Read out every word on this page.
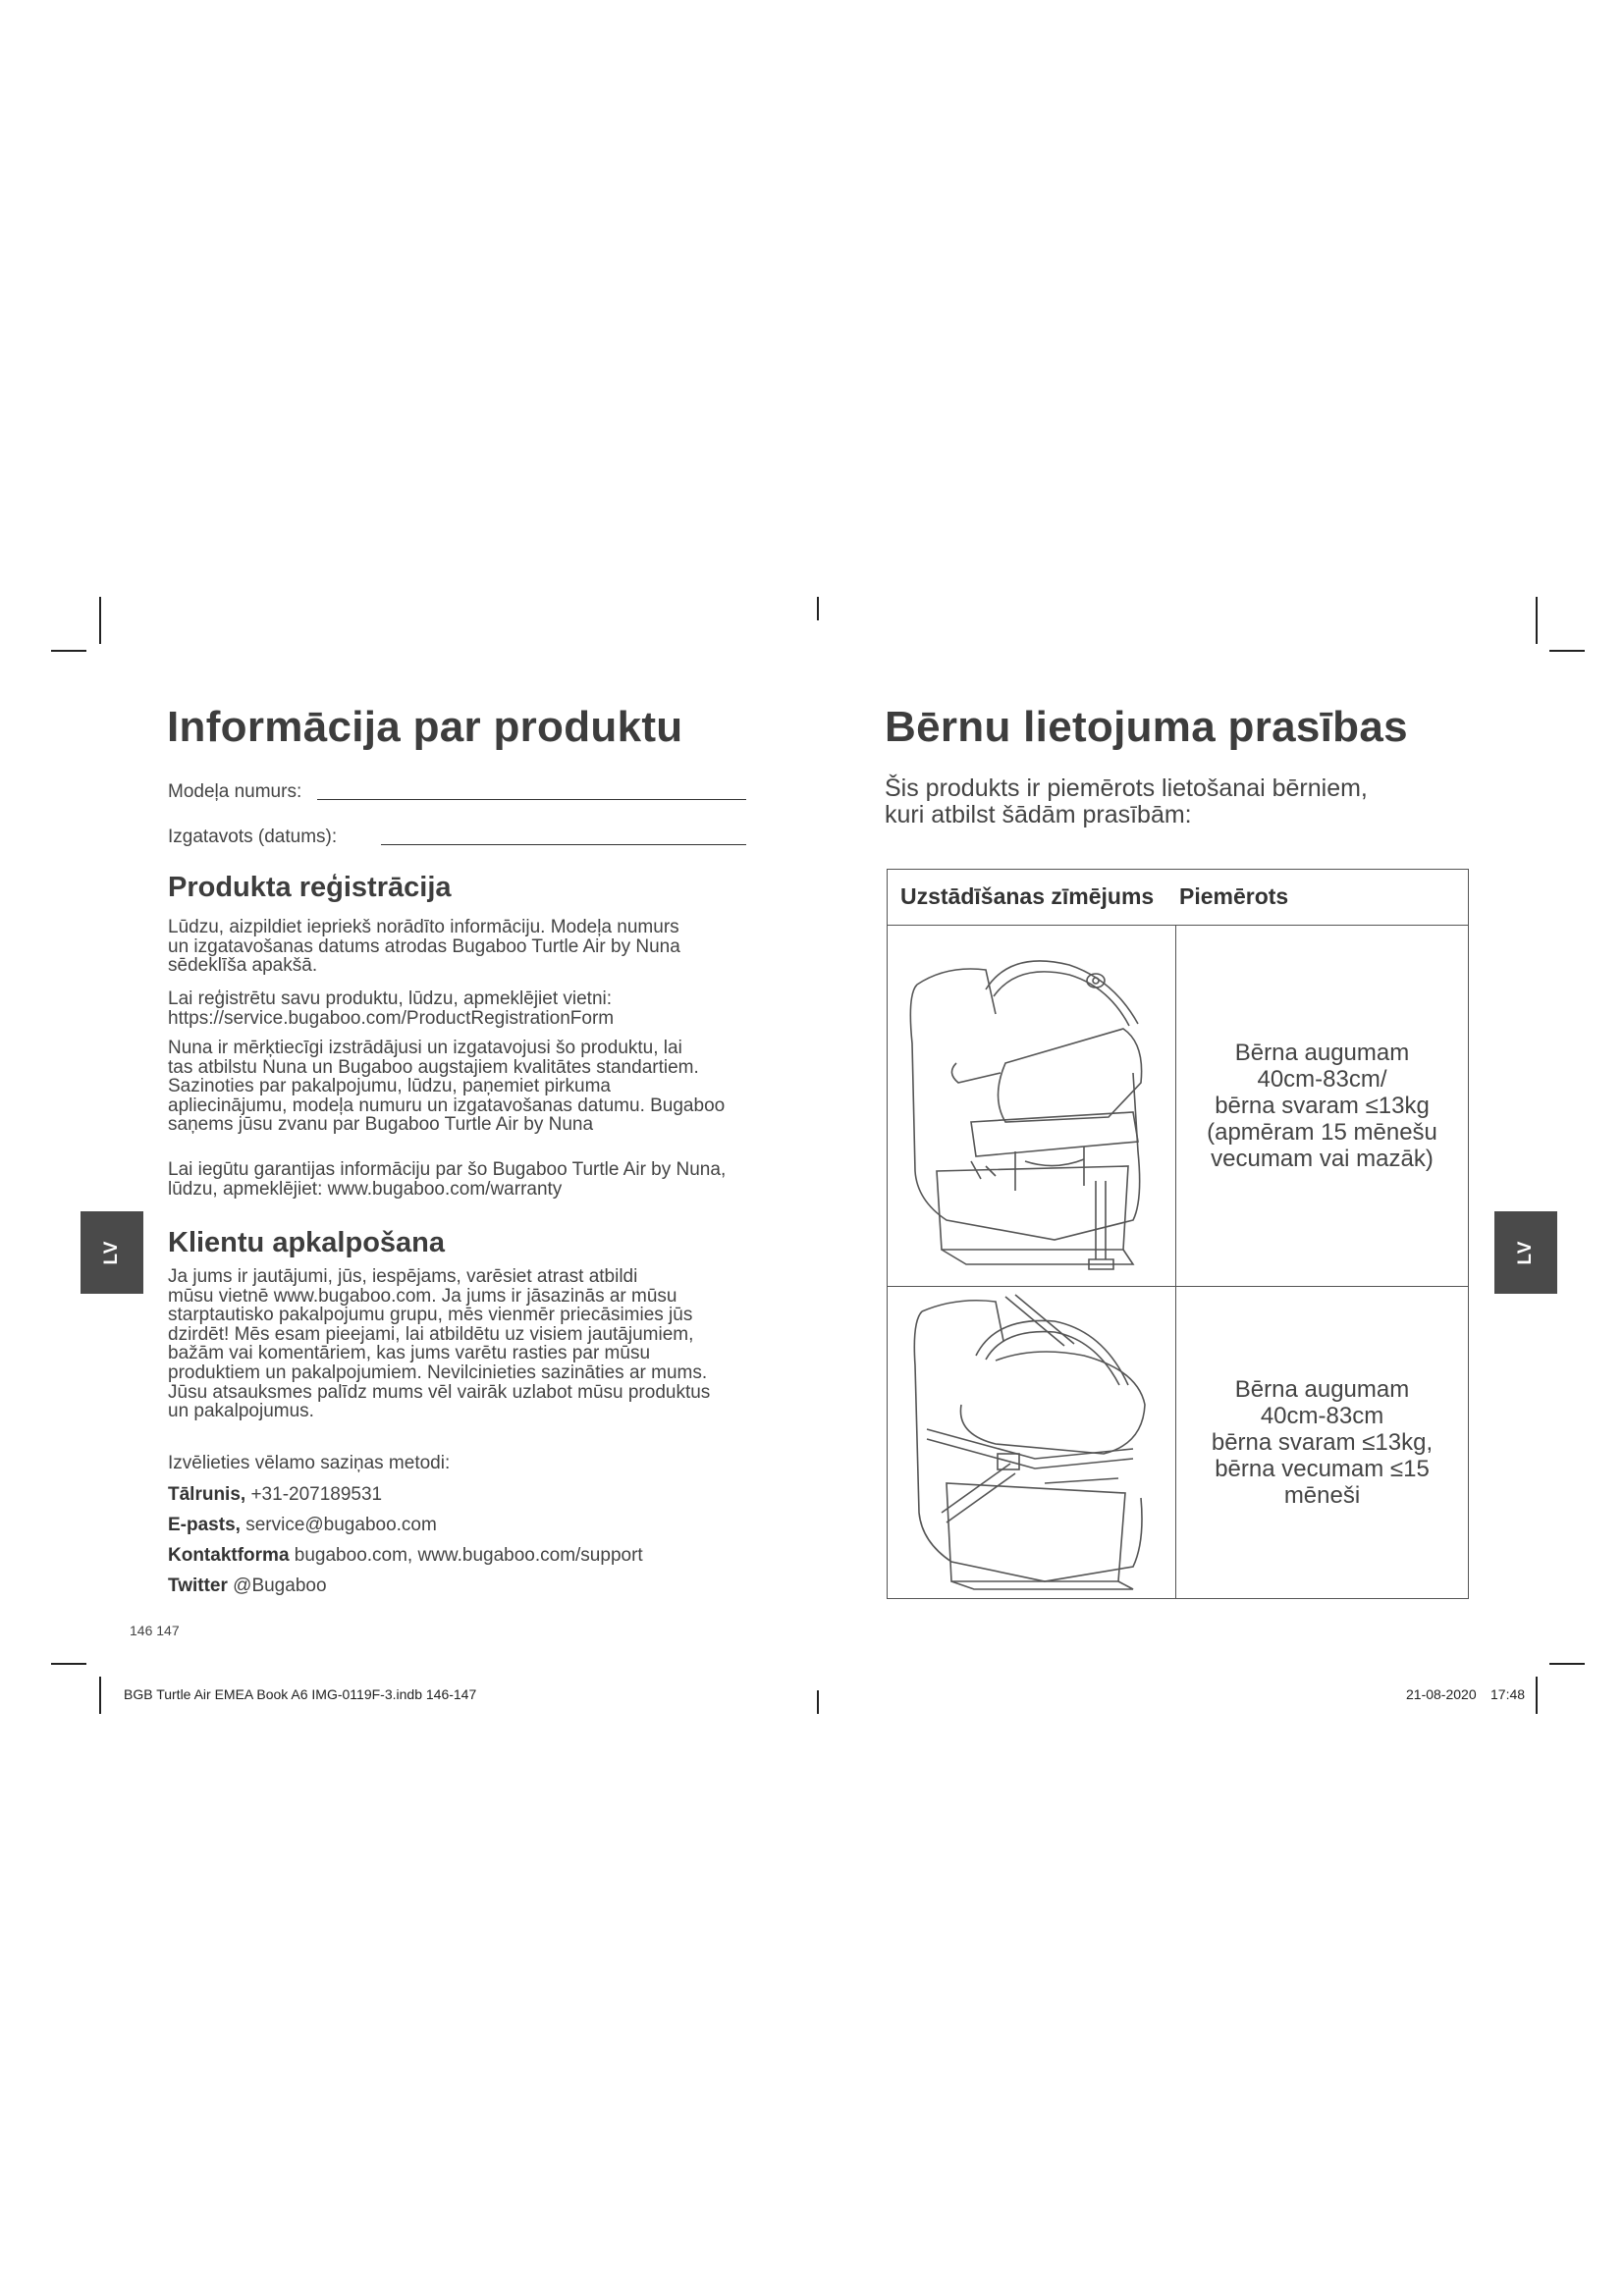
Informācija par produktu
Modeļa numurs:
Izgatavots (datums):
Produkta reģistrācija
Lūdzu, aizpildiet iepriekš norādīto informāciju. Modeļa numurs
un izgatavošanas datums atrodas Bugaboo Turtle Air by Nuna
sēdeklīša apakšā.
Lai reģistrētu savu produktu, lūdzu, apmeklējiet vietni:
https://service.bugaboo.com/ProductRegistrationForm
Nuna ir mērķtiecīgi izstrādājusi un izgatavojusi šo produktu, lai
tas atbilstu Nuna un Bugaboo augstajiem kvalitātes standartiem.
Sazinoties par pakalpojumu, lūdzu, paņemiet pirkuma
apliecinājumu, modeļa numuru un izgatavošanas datumu. Bugaboo
saņems jūsu zvanu par Bugaboo Turtle Air by Nuna
Lai iegūtu garantijas informāciju par šo Bugaboo Turtle Air by Nuna,
lūdzu, apmeklējiet: www.bugaboo.com/warranty
LV Klientu apkalpošana
Ja jums ir jautājumi, jūs, iespējams, varēsiet atrast atbildi
mūsu vietnē www.bugaboo.com. Ja jums ir jāsazinās ar mūsu
starptautisko pakalpojumu grupu, mēs vienmēr priecāsimies jūs
dzirdēt! Mēs esam pieejami, lai atbildētu uz visiem jautājumiem,
bažām vai komentāriem, kas jums varētu rasties par mūsu
produktiem un pakalpojumiem. Nevilcinieties sazināties ar mums.
Jūsu atsauksmes palīdz mums vēl vairāk uzlabot mūsu produktus
un pakalpojumus.
Izvēlieties vēlamo saziņas metodi:
Tālrunis, +31-207189531
E-pasts, service@bugaboo.com
Kontaktforma bugaboo.com, www.bugaboo.com/support
Twitter @Bugaboo
146 147
Bērnu lietojuma prasības
Šis produkts ir piemērots lietošanai bērniem,
kuri atbilst šādām prasībām:
Uzstādīšanas zīmējums Piemērots	

	Bērna augumam
40cm-83cm/
bērna svaram ≤13kg
(apmēram 15 mēnešu
vecumam vai mazāk)
	Bērna augumam
40cm-83cm
bērna svaram ≤13kg,
bērna vecumam ≤15
mēneši
LV
BGB Turtle Air EMEA Book A6 IMG-0119F-3.indb 146-147	21-08-2020 17:48
